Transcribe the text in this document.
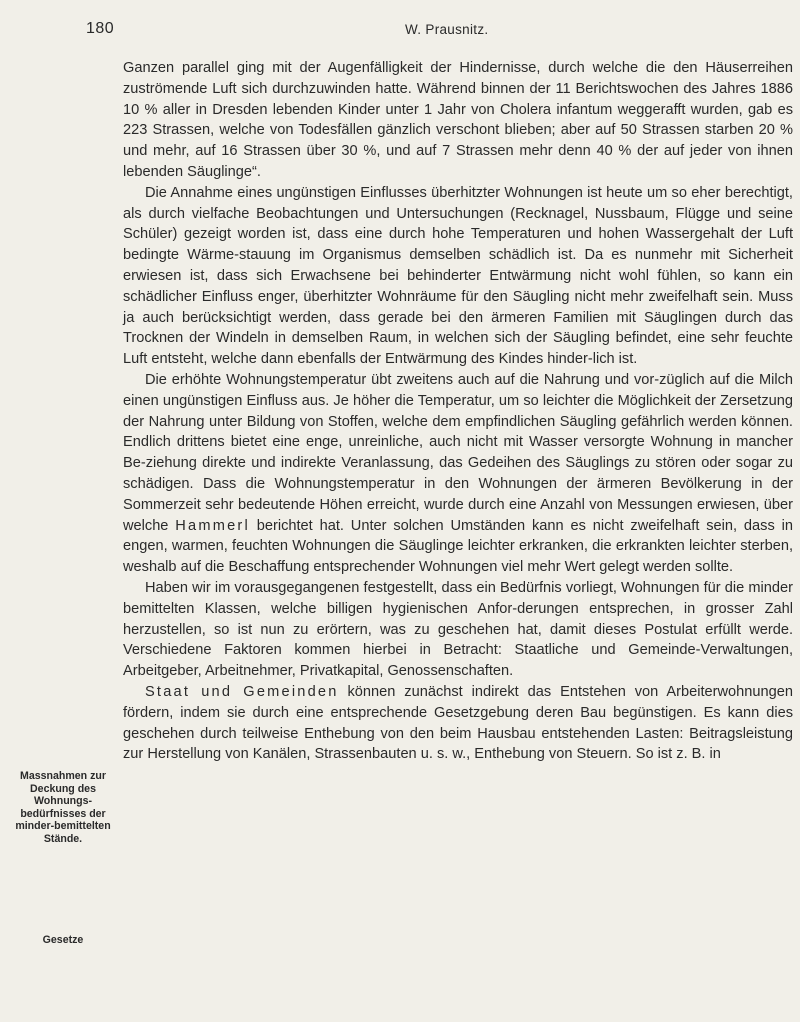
180	W. Prausnitz.

Massnahmen zur Deckung des Wohnungs-bedürfnisses der minder-bemittelten Stände.

Gesetze

Ganzen parallel ging mit der Augenfälligkeit der Hindernisse, durch welche die den Häuserreihen zuströmende Luft sich durchzuwinden hatte. Während binnen der 11 Berichtswochen des Jahres 1886 10 % aller in Dresden lebenden Kinder unter 1 Jahr von Cholera infantum weggerafft wurden, gab es 223 Strassen, welche von Todesfällen gänzlich verschont blieben; aber auf 50 Strassen starben 20 % und mehr, auf 16 Strassen über 30 %, und auf 7 Strassen mehr denn 40 % der auf jeder von ihnen lebenden Säuglinge“.

Die Annahme eines ungünstigen Einflusses überhitzter Wohnungen ist heute um so eher berechtigt, als durch vielfache Beobachtungen und Untersuchungen (Recknagel, Nussbaum, Flügge und seine Schüler) gezeigt worden ist, dass eine durch hohe Temperaturen und hohen Wassergehalt der Luft bedingte Wärme-stauung im Organismus demselben schädlich ist. Da es nunmehr mit Sicherheit erwiesen ist, dass sich Erwachsene bei behinderter Entwärmung nicht wohl fühlen, so kann ein schädlicher Einfluss enger, überhitzter Wohnräume für den Säugling nicht mehr zweifelhaft sein. Muss ja auch berücksichtigt werden, dass gerade bei den ärmeren Familien mit Säuglingen durch das Trocknen der Windeln in demselben Raum, in welchen sich der Säugling befindet, eine sehr feuchte Luft entsteht, welche dann ebenfalls der Entwärmung des Kindes hinder-lich ist.

Die erhöhte Wohnungstemperatur übt zweitens auch auf die Nahrung und vor-züglich auf die Milch einen ungünstigen Einfluss aus. Je höher die Temperatur, um so leichter die Möglichkeit der Zersetzung der Nahrung unter Bildung von Stoffen, welche dem empfindlichen Säugling gefährlich werden können. Endlich drittens bietet eine enge, unreinliche, auch nicht mit Wasser versorgte Wohnung in mancher Be-ziehung direkte und indirekte Veranlassung, das Gedeihen des Säuglings zu stören oder sogar zu schädigen. Dass die Wohnungstemperatur in den Wohnungen der ärmeren Bevölkerung in der Sommerzeit sehr bedeutende Höhen erreicht, wurde durch eine Anzahl von Messungen erwiesen, über welche Hammerl berichtet hat. Unter solchen Umständen kann es nicht zweifelhaft sein, dass in engen, warmen, feuchten Wohnungen die Säuglinge leichter erkranken, die erkrankten leichter sterben, weshalb auf die Beschaffung entsprechender Wohnungen viel mehr Wert gelegt werden sollte.

Haben wir im vorausgegangenen festgestellt, dass ein Bedürfnis vorliegt, Wohnungen für die minder bemittelten Klassen, welche billigen hygienischen Anfor-derungen entsprechen, in grosser Zahl herzustellen, so ist nun zu erörtern, was zu geschehen hat, damit dieses Postulat erfüllt werde. Verschiedene Faktoren kommen hierbei in Betracht: Staatliche und Gemeinde-Verwaltungen, Arbeitgeber, Arbeitnehmer, Privatkapital, Genossenschaften.

Staat und Gemeinden können zunächst indirekt das Entstehen von Arbeiterwohnungen fördern, indem sie durch eine entsprechende Gesetzgebung deren Bau begünstigen. Es kann dies geschehen durch teilweise Enthebung von den beim Hausbau entstehenden Lasten: Beitragsleistung zur Herstellung von Kanälen, Strassenbauten u. s. w., Enthebung von Steuern. So ist z. B. in
